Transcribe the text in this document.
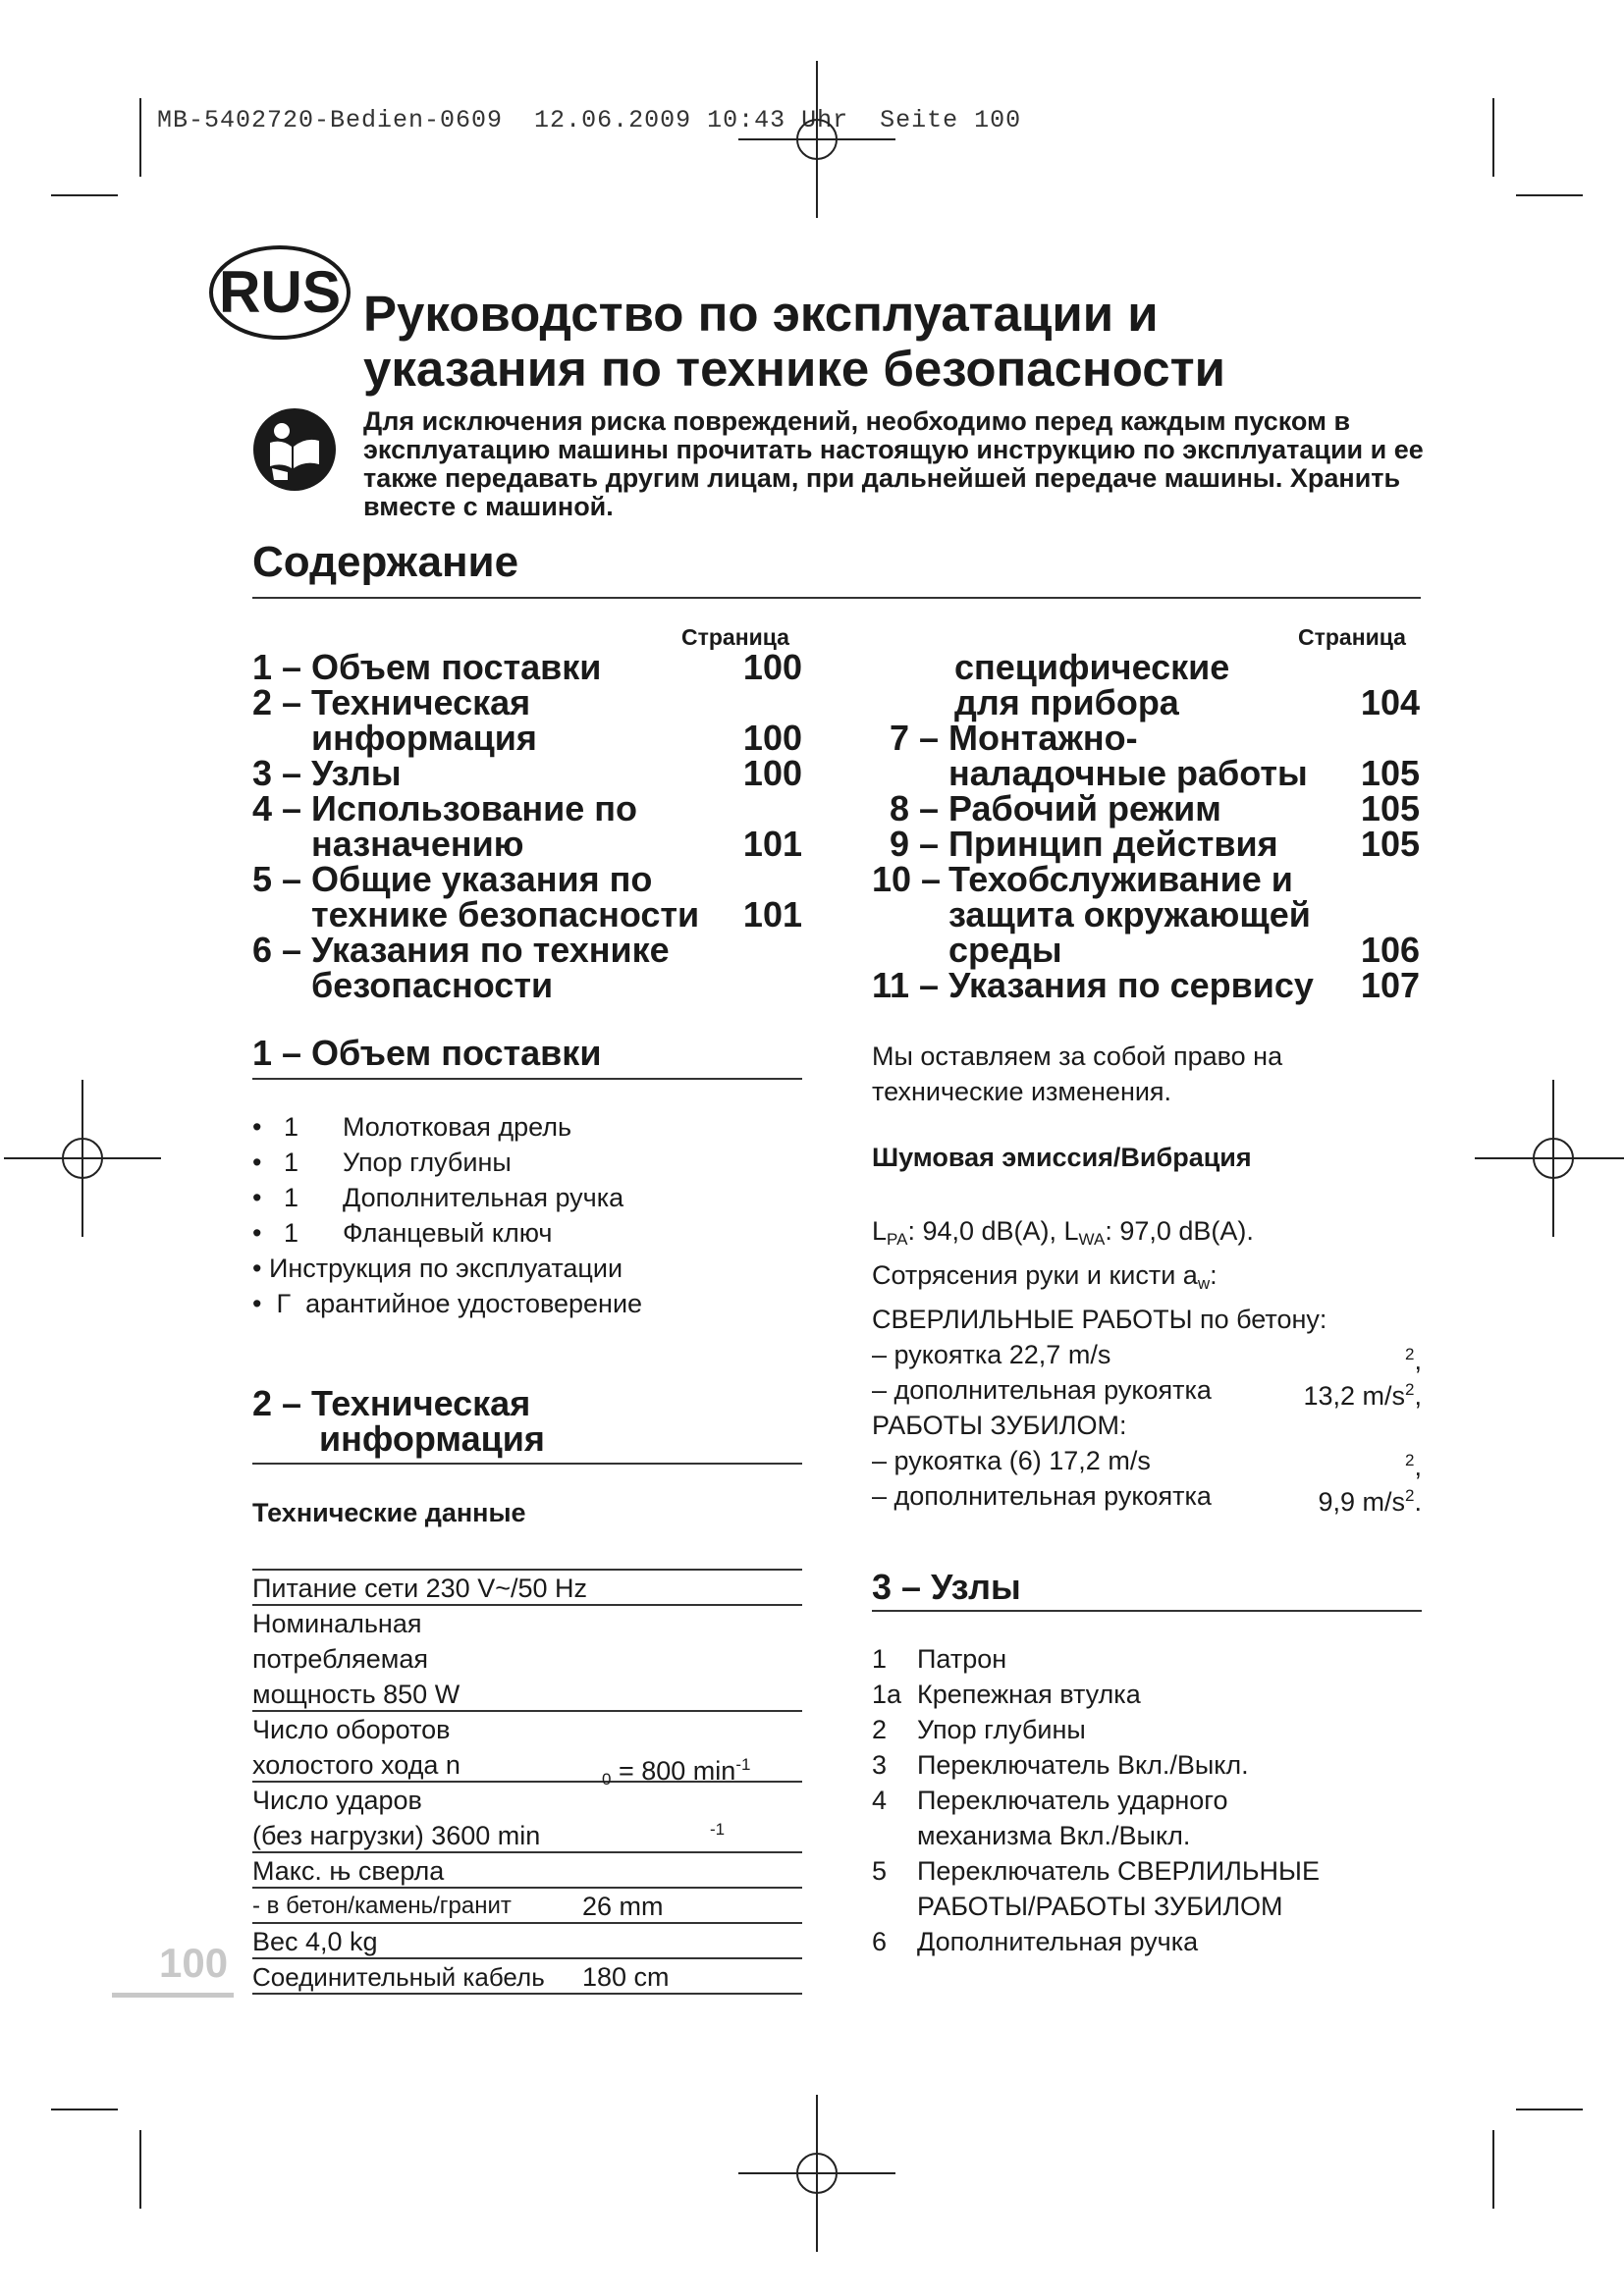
MB-5402720-Bedien-0609  12.06.2009 10:43 Uhr  Seite 100
RUS Руководство по эксплуатации и
указания по технике безопасности
Для исключения риска повреждений, необходимо перед каждым пуском в эксплуатацию машины прочитать настоящую инструкцию по эксплуатации и ее также передавать другим лицам, при дальнейшей передаче машины. Хранить вместе с машиной.
Содержание
Страница	Страница
1 – Объем поставки	100
2 – Техническая
информация	100
3 – Узлы	100
4 – Использование по
назначению	101
5 – Общие указания по
технике безопасности 101
6 – Указания по технике
безопасности
специфические
для прибора	104
7 – Монтажно-
наладочные работы 105
8 – Рабочий режим	105
9 – Принцип действия 105
10 – Техобслуживание и
защита окружающей
среды	106
11 – Указания по сервису 107
1 – Объем поставки
• 1 Молотковая дрель
• 1 Упор глубины
• 1 Дополнительная ручка
• 1 Фланцевый ключ
• Инструкция по эксплуатации
•  Г  арантийное удостоверение
2 – Техническая
информация
Технические данные
Питание сети 230 V~/50 Hz
Номинальная
потребляемая
мощность 850 W
Число оборотов
холостого хода n	$_0$ = 800 $\min^{-1}$
Число ударов
(без нагрузки) 3600 min	$^{-1}$
Макс. њ сверла
- в бетон/камень/гранит	26 mm
Вес 4,0 kg
Соединительный кабель 180 cm
Мы оставляем за собой право на
технические изменения.
Шумовая эмиссия/Вибрация
$L_{PA}$: 94,0 dB(A), $L_{WA}$: 97,0 dB(A).
Сотрясения руки и кисти $a_w$:
СВЕРЛИЛЬНЫЕ РАБОТЫ по бетону:
– рукоятка 22,7 m/s	$^2$,
– дополнительная рукоятка	13,2 $m/s^2$,
РАБОТЫ ЗУБИЛОМ:
– рукоятка (6) 17,2 m/s	$^2$,
– дополнительная рукоятка	9,9 $m/s^2$.
3 – Узлы
1 Патрон
1a Крепежная втулка
2 Упор глубины
3 Переключатель Вкл./Выкл.
4 Переключатель ударного
механизма Вкл./Выкл.
5 Переключатель СВЕРЛИЛЬНЫЕ
РАБОТЫ/РАБОТЫ ЗУБИЛОМ
6 Дополнительная ручка
100
